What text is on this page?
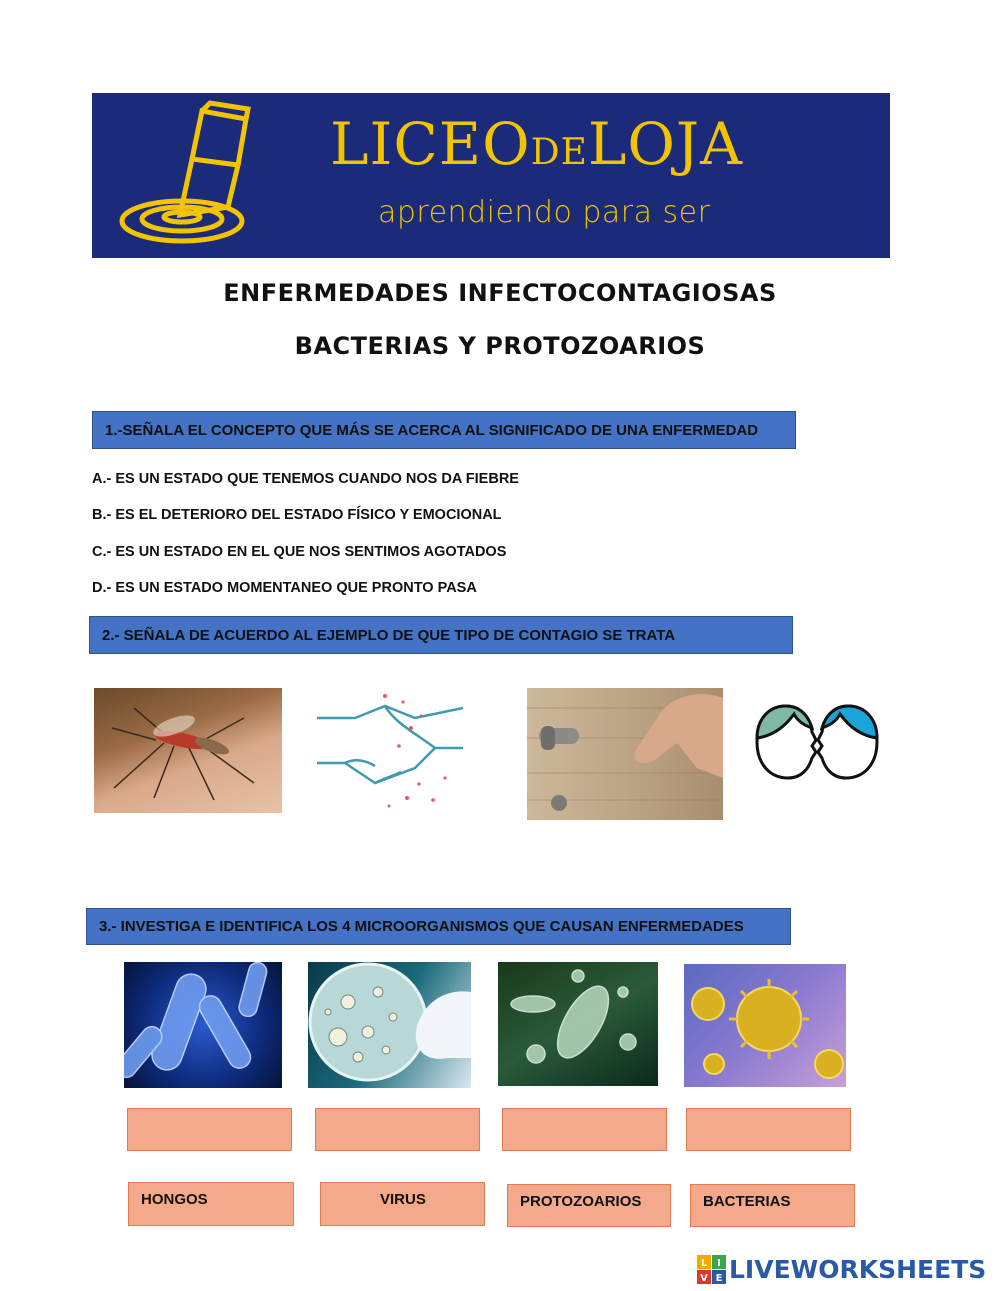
LICEODELOJA
aprendiendo para ser
ENFERMEDADES INFECTOCONTAGIOSAS
BACTERIAS Y PROTOZOARIOS
1.-SEÑALA EL CONCEPTO QUE MÁS SE ACERCA AL SIGNIFICADO DE UNA ENFERMEDAD
A.- ES UN ESTADO QUE TENEMOS CUANDO NOS DA FIEBRE
B.- ES EL DETERIORO DEL ESTADO FÍSICO Y EMOCIONAL
C.- ES UN ESTADO EN EL QUE NOS SENTIMOS AGOTADOS
D.- ES UN ESTADO MOMENTANEO QUE PRONTO PASA
2.- SEÑALA DE ACUERDO AL EJEMPLO DE QUE TIPO DE CONTAGIO SE TRATA
3.- INVESTIGA E IDENTIFICA LOS 4 MICROORGANISMOS QUE CAUSAN ENFERMEDADES
HONGOS	VIRUS	PROTOZOARIOS	BACTERIAS
L I
V E LIVEWORKSHEETS
